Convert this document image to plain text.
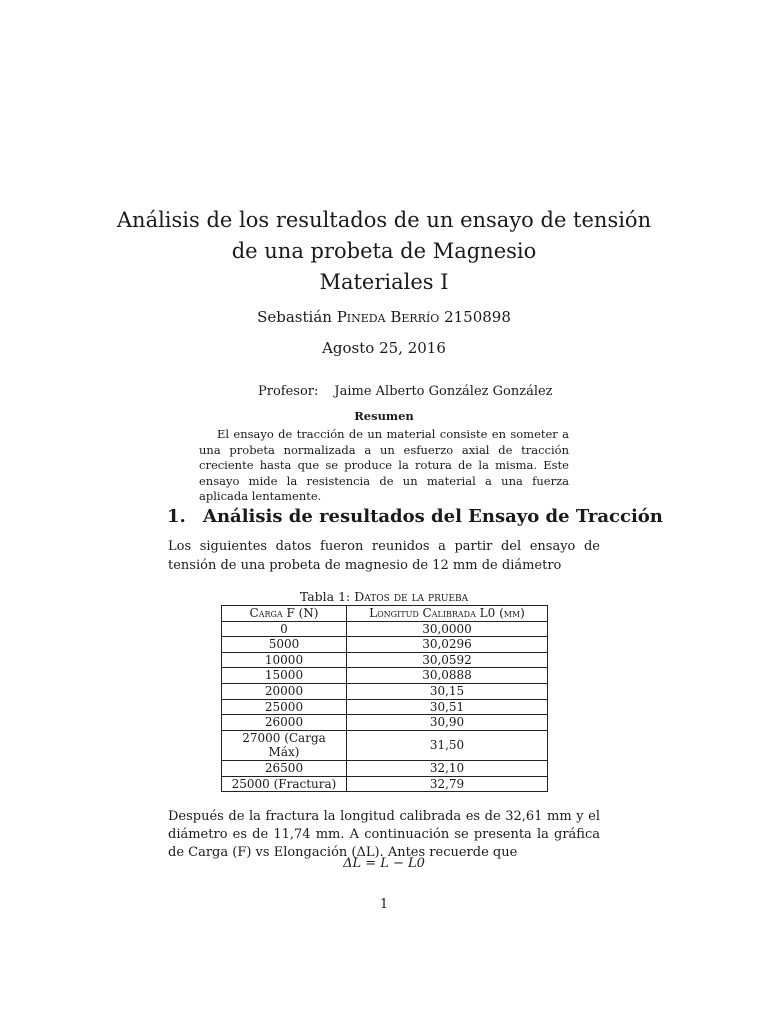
Análisis de los resultados de un ensayo de tensión
de una probeta de Magnesio
Materiales I
Sebastián Pineda Berrío 2150898
Agosto 25, 2016
Profesor: Jaime Alberto González González
Resumen
El ensayo de tracción de un material consiste en someter a una probeta normalizada a un esfuerzo axial de tracción creciente hasta que se produce la rotura de la misma. Este ensayo mide la resistencia de un material a una fuerza aplicada lentamente.
1. Análisis de resultados del Ensayo de Tracción
Los siguientes datos fueron reunidos a partir del ensayo de tensión de una probeta de magnesio de 12 mm de diámetro
Tabla 1: Datos de la prueba
Carga F (N)	Longitud Calibrada L0 (mm)
0	30,0000
5000	30,0296
10000	30,0592
15000	30,0888
20000	30,15
25000	30,51
26000	30,90
27000 (Carga Máx)	31,50
26500	32,10
25000 (Fractura)	32,79
Después de la fractura la longitud calibrada es de 32,61 mm y el diámetro es de 11,74 mm. A continuación se presenta la gráfica de Carga (F) vs Elongación (ΔL). Antes recuerde que
ΔL = L − L0
1
